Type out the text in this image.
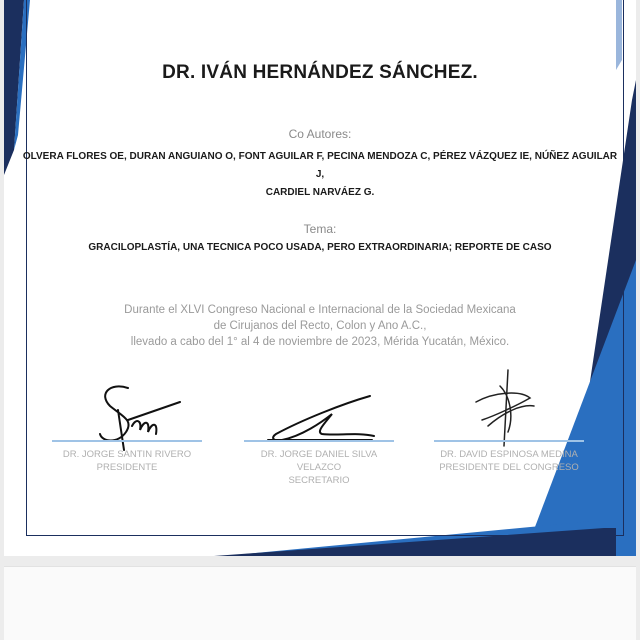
DR. IVÁN HERNÁNDEZ SÁNCHEZ.
Co Autores:
OLVERA FLORES OE, DURAN ANGUIANO O, FONT AGUILAR F, PECINA MENDOZA C, PÉREZ VÁZQUEZ IE, NÚÑEZ AGUILAR J,
CARDIEL NARVÁEZ G.
Tema:
GRACILOPLASTÍA, UNA TECNICA POCO USADA, PERO EXTRAORDINARIA; REPORTE DE CASO
Durante el XLVI Congreso Nacional e Internacional de la Sociedad Mexicana
de Cirujanos del Recto, Colon y Ano A.C.,
llevado a cabo del 1° al 4 de noviembre de 2023, Mérida Yucatán, México.
DR. JORGE SANTIN RIVERO
PRESIDENTE
DR. JORGE DANIEL SILVA VELAZCO
SECRETARIO
DR. DAVID ESPINOSA MEDINA
PRESIDENTE DEL CONGRESO
